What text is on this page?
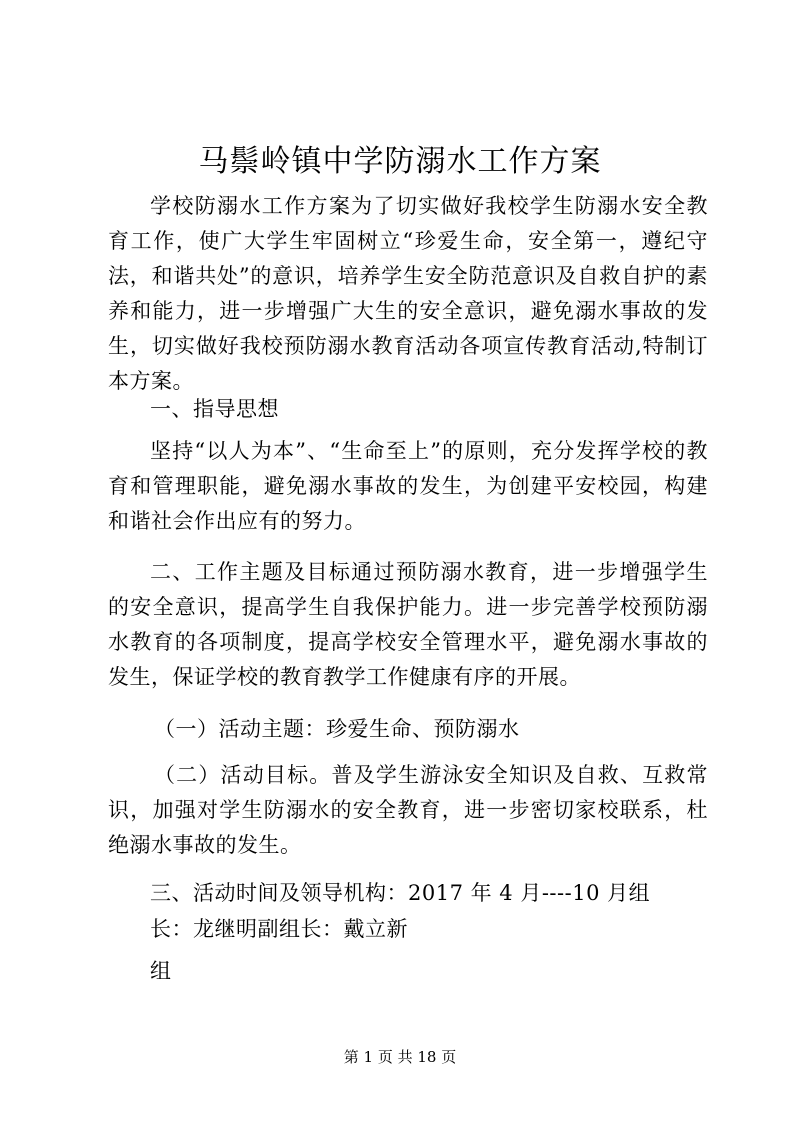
马鬃岭镇中学防溺水工作方案

学校防溺水工作方案为了切实做好我校学生防溺水安全教育工作，使广大学生牢固树立“珍爱生命，安全第一，遵纪守法，和谐共处”的意识，培养学生安全防范意识及自救自护的素养和能力，进一步增强广大生的安全意识，避免溺水事故的发生，切实做好我校预防溺水教育活动各项宣传教育活动,特制订本方案。

一、指导思想

坚持“以人为本”、“生命至上”的原则，充分发挥学校的教育和管理职能，避免溺水事故的发生，为创建平安校园，构建和谐社会作出应有的努力。

二、工作主题及目标通过预防溺水教育，进一步增强学生的安全意识，提高学生自我保护能力。进一步完善学校预防溺水教育的各项制度，提高学校安全管理水平，避免溺水事故的发生，保证学校的教育教学工作健康有序的开展。

（一）活动主题：珍爱生命、预防溺水

（二）活动目标。普及学生游泳安全知识及自救、互救常识，加强对学生防溺水的安全教育，进一步密切家校联系，杜绝溺水事故的发生。

三、活动时间及领导机构：2017 年 4 月----10 月组

长：龙继明副组长：戴立新

组

第 1 页 共 18 页
